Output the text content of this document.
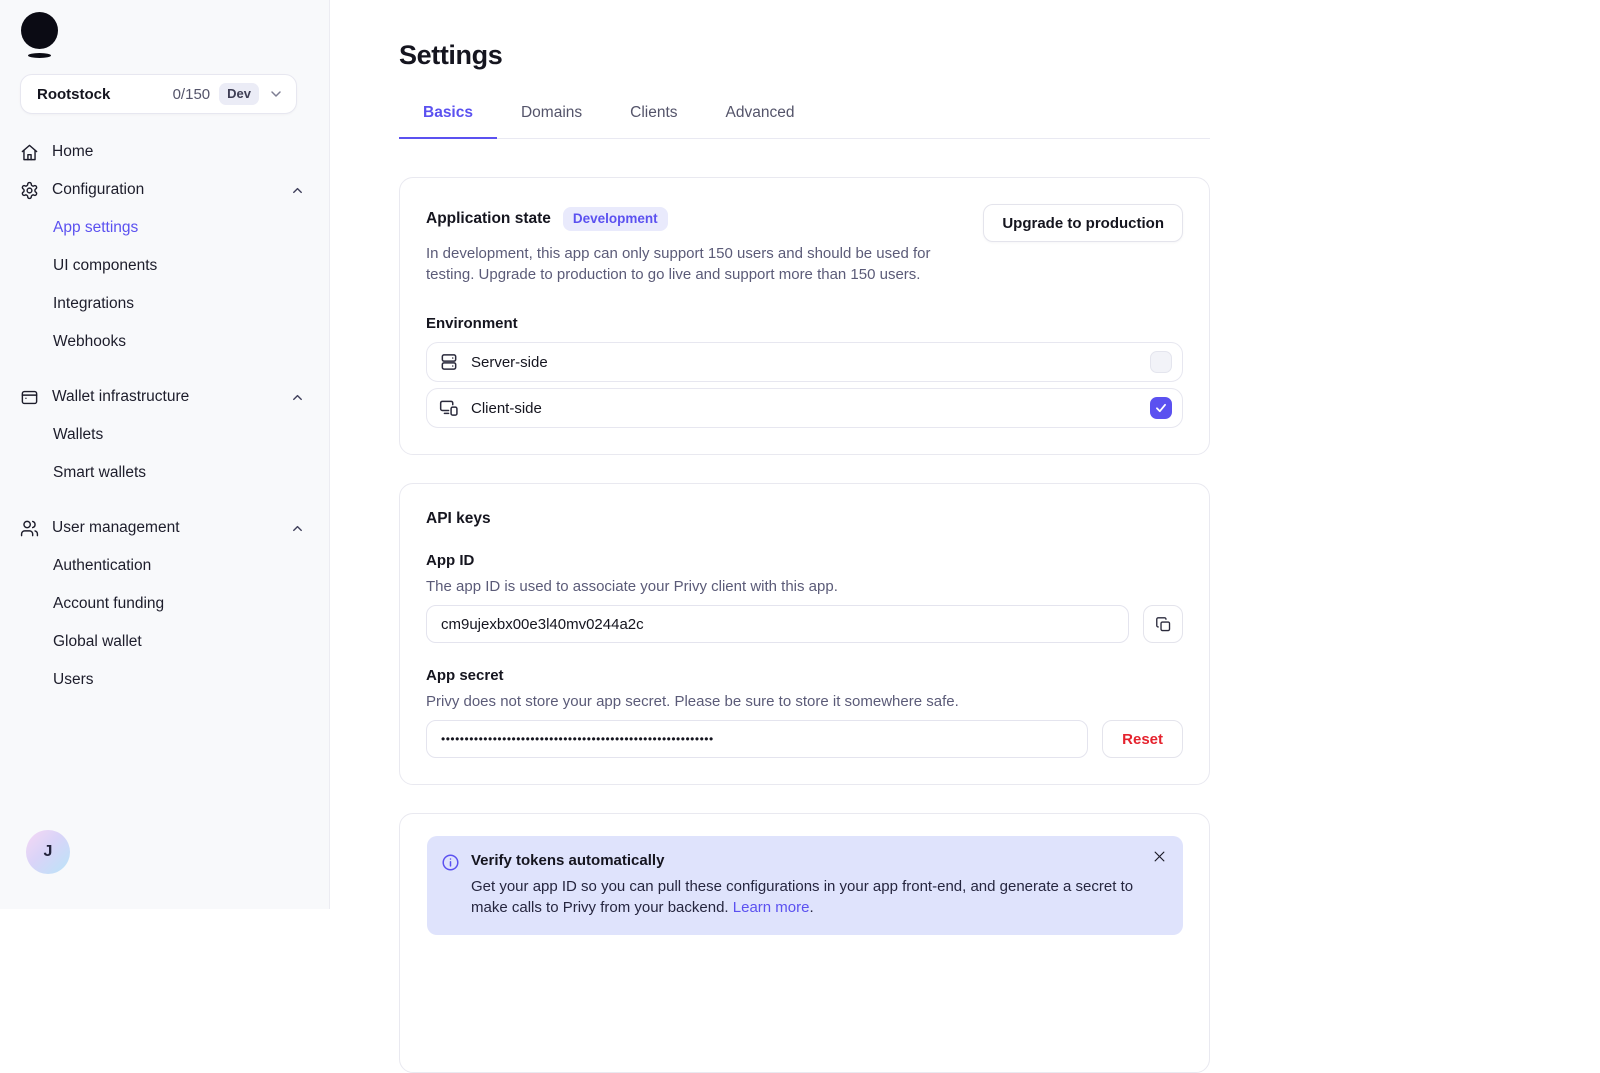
Rootstock	0/150	Dev
Home
Configuration
App settings
UI components
Integrations
Webhooks
Wallet infrastructure
Wallets
Smart wallets
User management
Authentication
Account funding
Global wallet
Users
J
Settings
Basics	Domains	Clients	Advanced
Application state	Development

In development, this app can only support 150 users and should be used for testing. Upgrade to production to go live and support more than 150 users.

Upgrade to production
Environment
Server-side
Client-side
API keys
App ID
The app ID is used to associate your Privy client with this app.
cm9ujexbx00e3l40mv0244a2c
App secret
Privy does not store your app secret. Please be sure to store it somewhere safe.
••••••••••••••••••••••••••••••••••••••••••••••••••••••••••
Reset
Verify tokens automatically
Get your app ID so you can pull these configurations in your app front-end, and generate a secret to make calls to Privy from your backend. Learn more.
